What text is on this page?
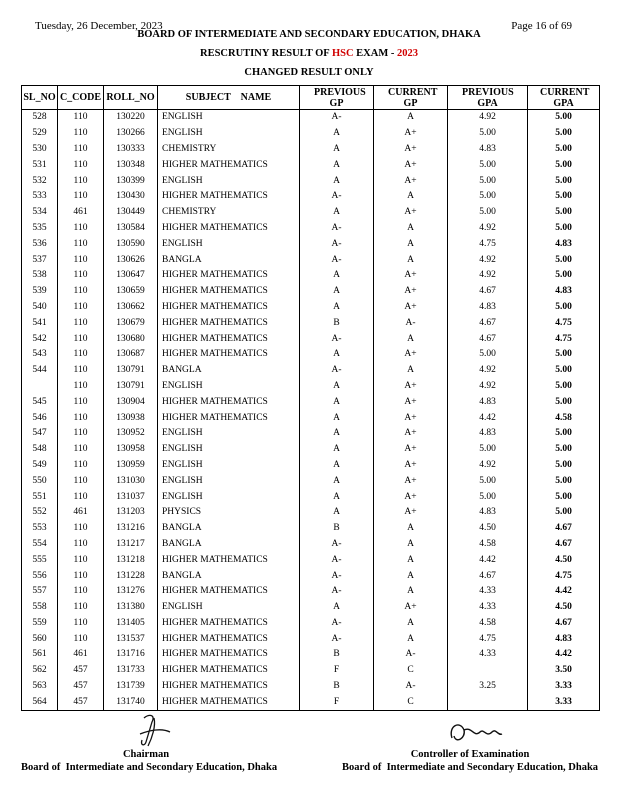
Tuesday, 26 December, 2023	Page 16 of 69
BOARD OF INTERMEDIATE AND SECONDARY EDUCATION, DHAKA
RESCRUTINY RESULT OF HSC EXAM - 2023
CHANGED RESULT ONLY
SL_NO	C_CODE	ROLL_NO	SUBJECT    NAME	PREVIOUS GP	CURRENT GP	PREVIOUS GPA	CURRENT GPA
528	110	130220	ENGLISH	A-	A	4.92	5.00
529	110	130266	ENGLISH	A	A+	5.00	5.00
530	110	130333	CHEMISTRY	A	A+	4.83	5.00
531	110	130348	HIGHER MATHEMATICS	A	A+	5.00	5.00
532	110	130399	ENGLISH	A	A+	5.00	5.00
533	110	130430	HIGHER MATHEMATICS	A-	A	5.00	5.00
534	461	130449	CHEMISTRY	A	A+	5.00	5.00
535	110	130584	HIGHER MATHEMATICS	A-	A	4.92	5.00
536	110	130590	ENGLISH	A-	A	4.75	4.83
537	110	130626	BANGLA	A-	A	4.92	5.00
538	110	130647	HIGHER MATHEMATICS	A	A+	4.92	5.00
539	110	130659	HIGHER MATHEMATICS	A	A+	4.67	4.83
540	110	130662	HIGHER MATHEMATICS	A	A+	4.83	5.00
541	110	130679	HIGHER MATHEMATICS	B	A-	4.67	4.75
542	110	130680	HIGHER MATHEMATICS	A-	A	4.67	4.75
543	110	130687	HIGHER MATHEMATICS	A	A+	5.00	5.00
544	110	130791	BANGLA	A-	A	4.92	5.00
	110	130791	ENGLISH	A	A+	4.92	5.00
545	110	130904	HIGHER MATHEMATICS	A	A+	4.83	5.00
546	110	130938	HIGHER MATHEMATICS	A	A+	4.42	4.58
547	110	130952	ENGLISH	A	A+	4.83	5.00
548	110	130958	ENGLISH	A	A+	5.00	5.00
549	110	130959	ENGLISH	A	A+	4.92	5.00
550	110	131030	ENGLISH	A	A+	5.00	5.00
551	110	131037	ENGLISH	A	A+	5.00	5.00
552	461	131203	PHYSICS	A	A+	4.83	5.00
553	110	131216	BANGLA	B	A	4.50	4.67
554	110	131217	BANGLA	A-	A	4.58	4.67
555	110	131218	HIGHER MATHEMATICS	A-	A	4.42	4.50
556	110	131228	BANGLA	A-	A	4.67	4.75
557	110	131276	HIGHER MATHEMATICS	A-	A	4.33	4.42
558	110	131380	ENGLISH	A	A+	4.33	4.50
559	110	131405	HIGHER MATHEMATICS	A-	A	4.58	4.67
560	110	131537	HIGHER MATHEMATICS	A-	A	4.75	4.83
561	461	131716	HIGHER MATHEMATICS	B	A-	4.33	4.42
562	457	131733	HIGHER MATHEMATICS	F	C		3.50
563	457	131739	HIGHER MATHEMATICS	B	A-	3.25	3.33
564	457	131740	HIGHER MATHEMATICS	F	C		3.33
Chairman
Board of  Intermediate and Secondary Education, Dhaka
Controller of Examination
Board of  Intermediate and Secondary Education, Dhaka
